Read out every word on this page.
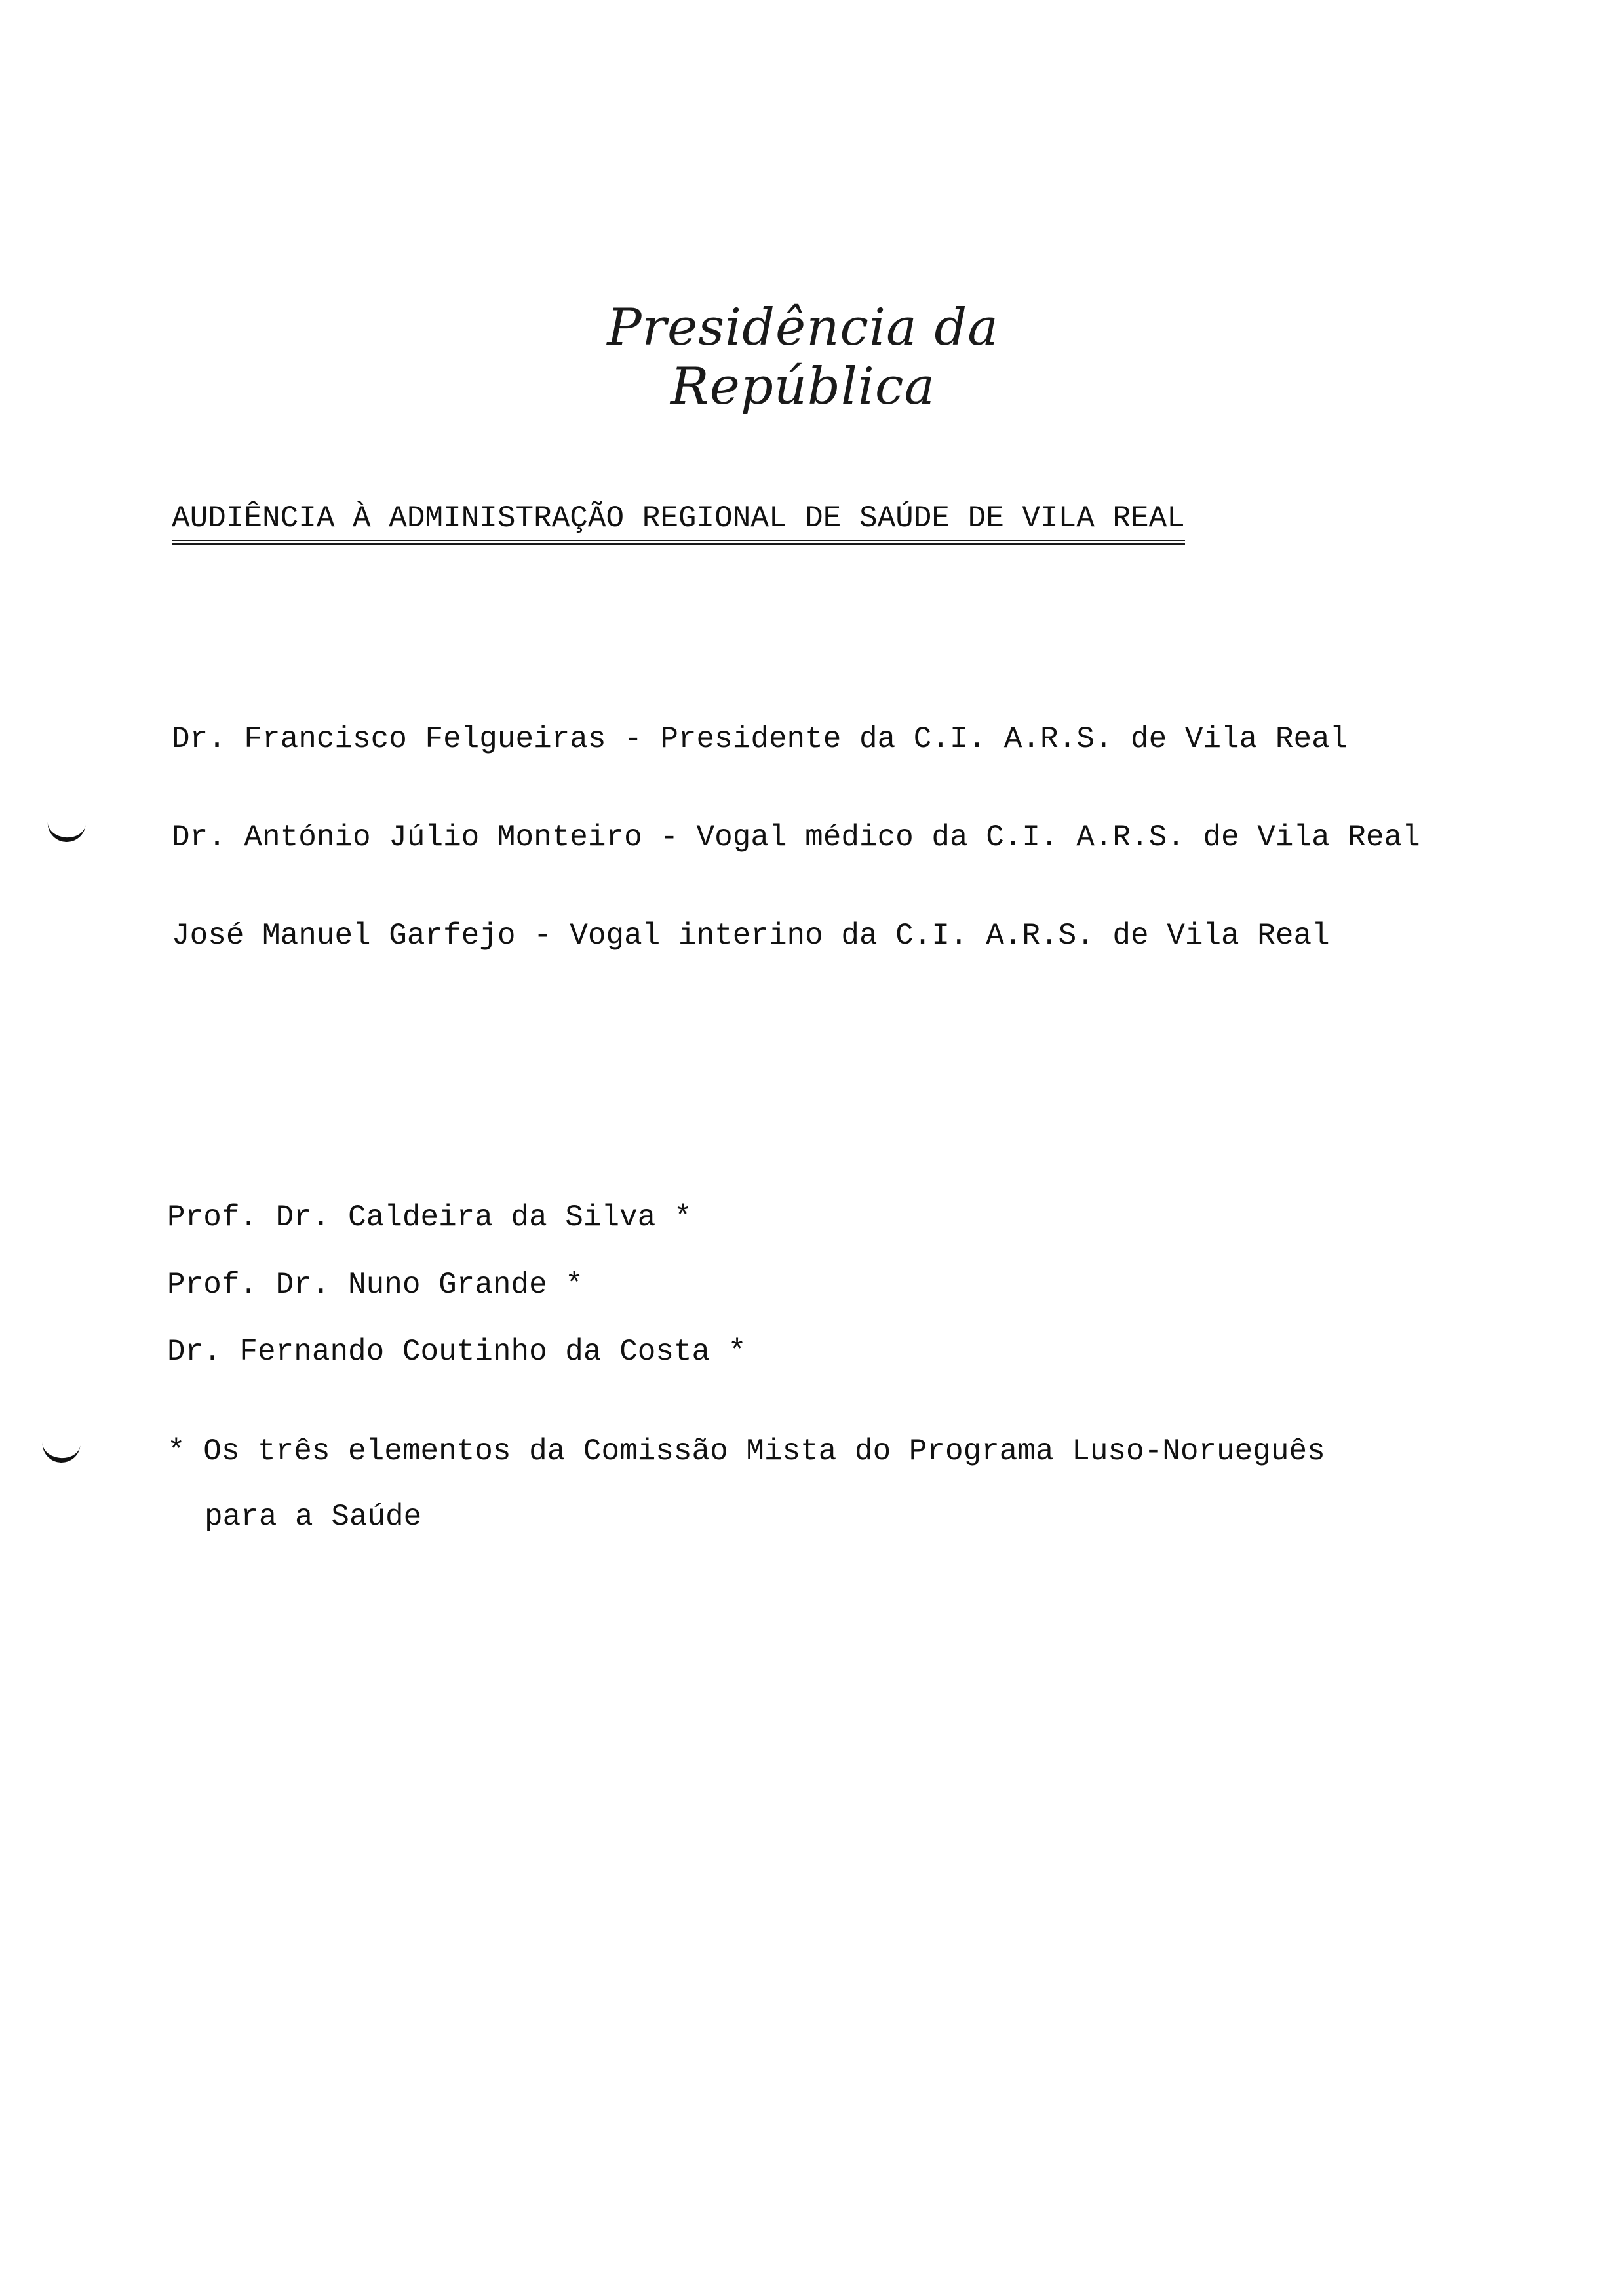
Presidência da República
AUDIÊNCIA À ADMINISTRAÇÃO REGIONAL DE SAÚDE DE VILA REAL
Dr. Francisco Felgueiras - Presidente da C.I. A.R.S. de Vila Real
Dr. António Júlio Monteiro - Vogal médico da C.I. A.R.S. de Vila Real
José Manuel Garfejo - Vogal interino da C.I. A.R.S. de Vila Real
Prof. Dr. Caldeira da Silva *
Prof. Dr. Nuno Grande *
Dr. Fernando Coutinho da Costa *
* Os três elementos da Comissão Mista do Programa Luso-Norueguês
para a Saúde
